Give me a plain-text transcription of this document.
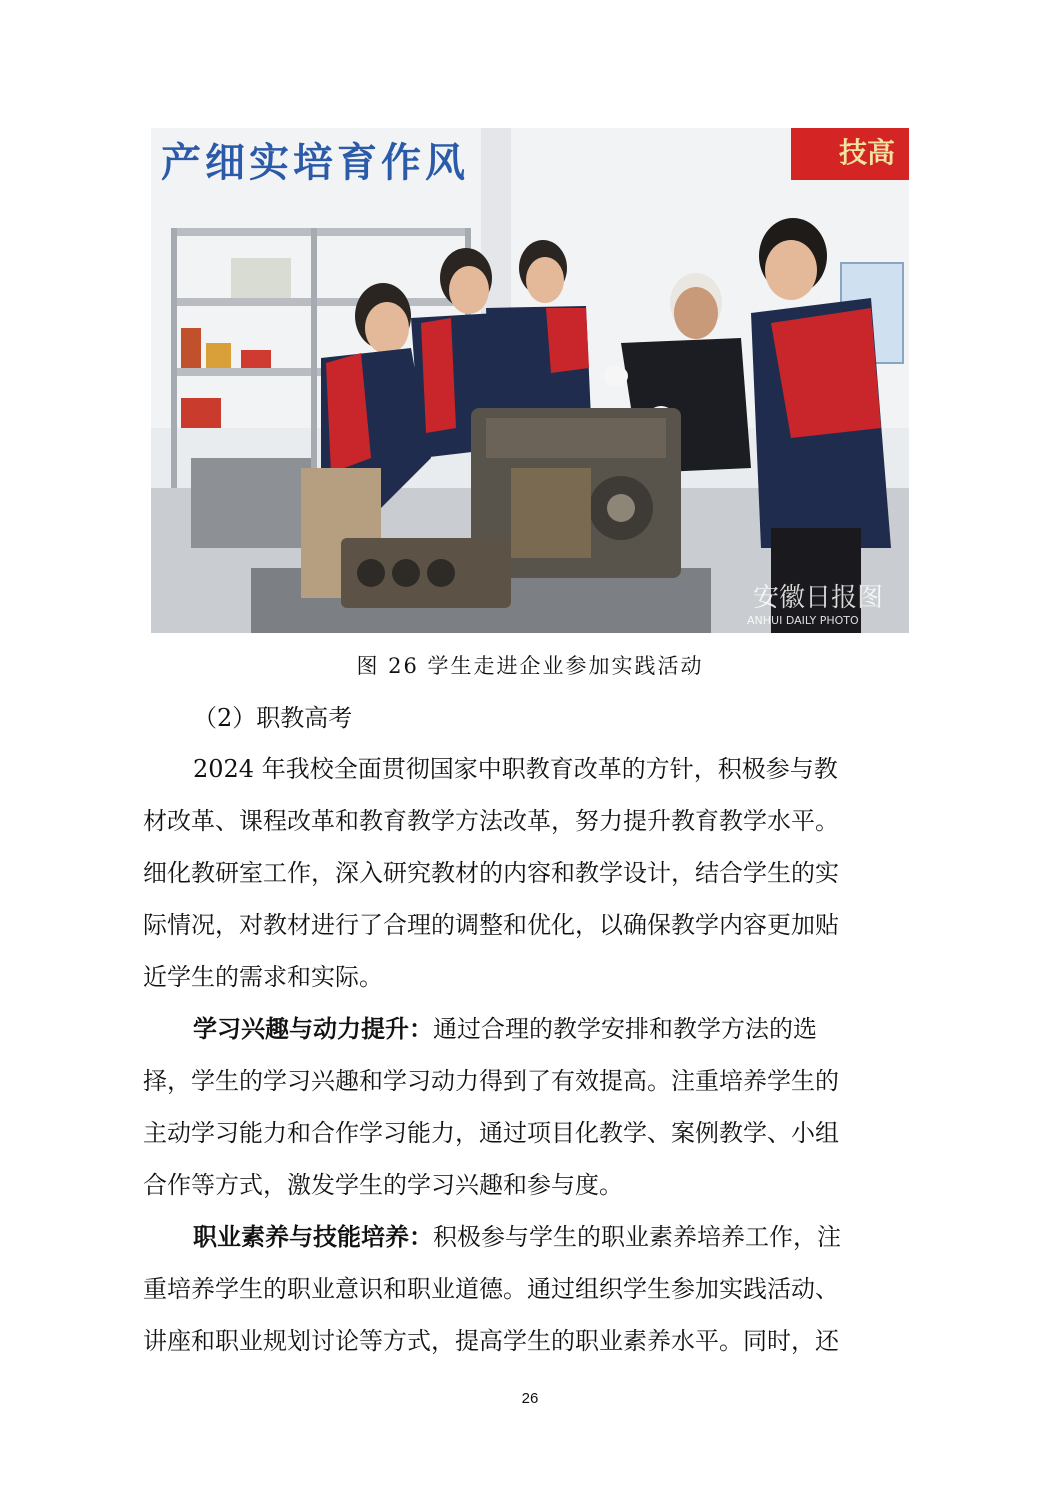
产细实培育作风	技高
安徽日报图
ANHUI DAILY PHOTO
图 26 学生走进企业参加实践活动
（2）职教高考
2024 年我校全面贯彻国家中职教育改革的方针，积极参与教
材改革、课程改革和教育教学方法改革，努力提升教育教学水平。
细化教研室工作，深入研究教材的内容和教学设计，结合学生的实
际情况，对教材进行了合理的调整和优化，以确保教学内容更加贴
近学生的需求和实际。
学习兴趣与动力提升：通过合理的教学安排和教学方法的选
择，学生的学习兴趣和学习动力得到了有效提高。注重培养学生的
主动学习能力和合作学习能力，通过项目化教学、案例教学、小组
合作等方式，激发学生的学习兴趣和参与度。
职业素养与技能培养：积极参与学生的职业素养培养工作，注
重培养学生的职业意识和职业道德。通过组织学生参加实践活动、
讲座和职业规划讨论等方式，提高学生的职业素养水平。同时，还
26
